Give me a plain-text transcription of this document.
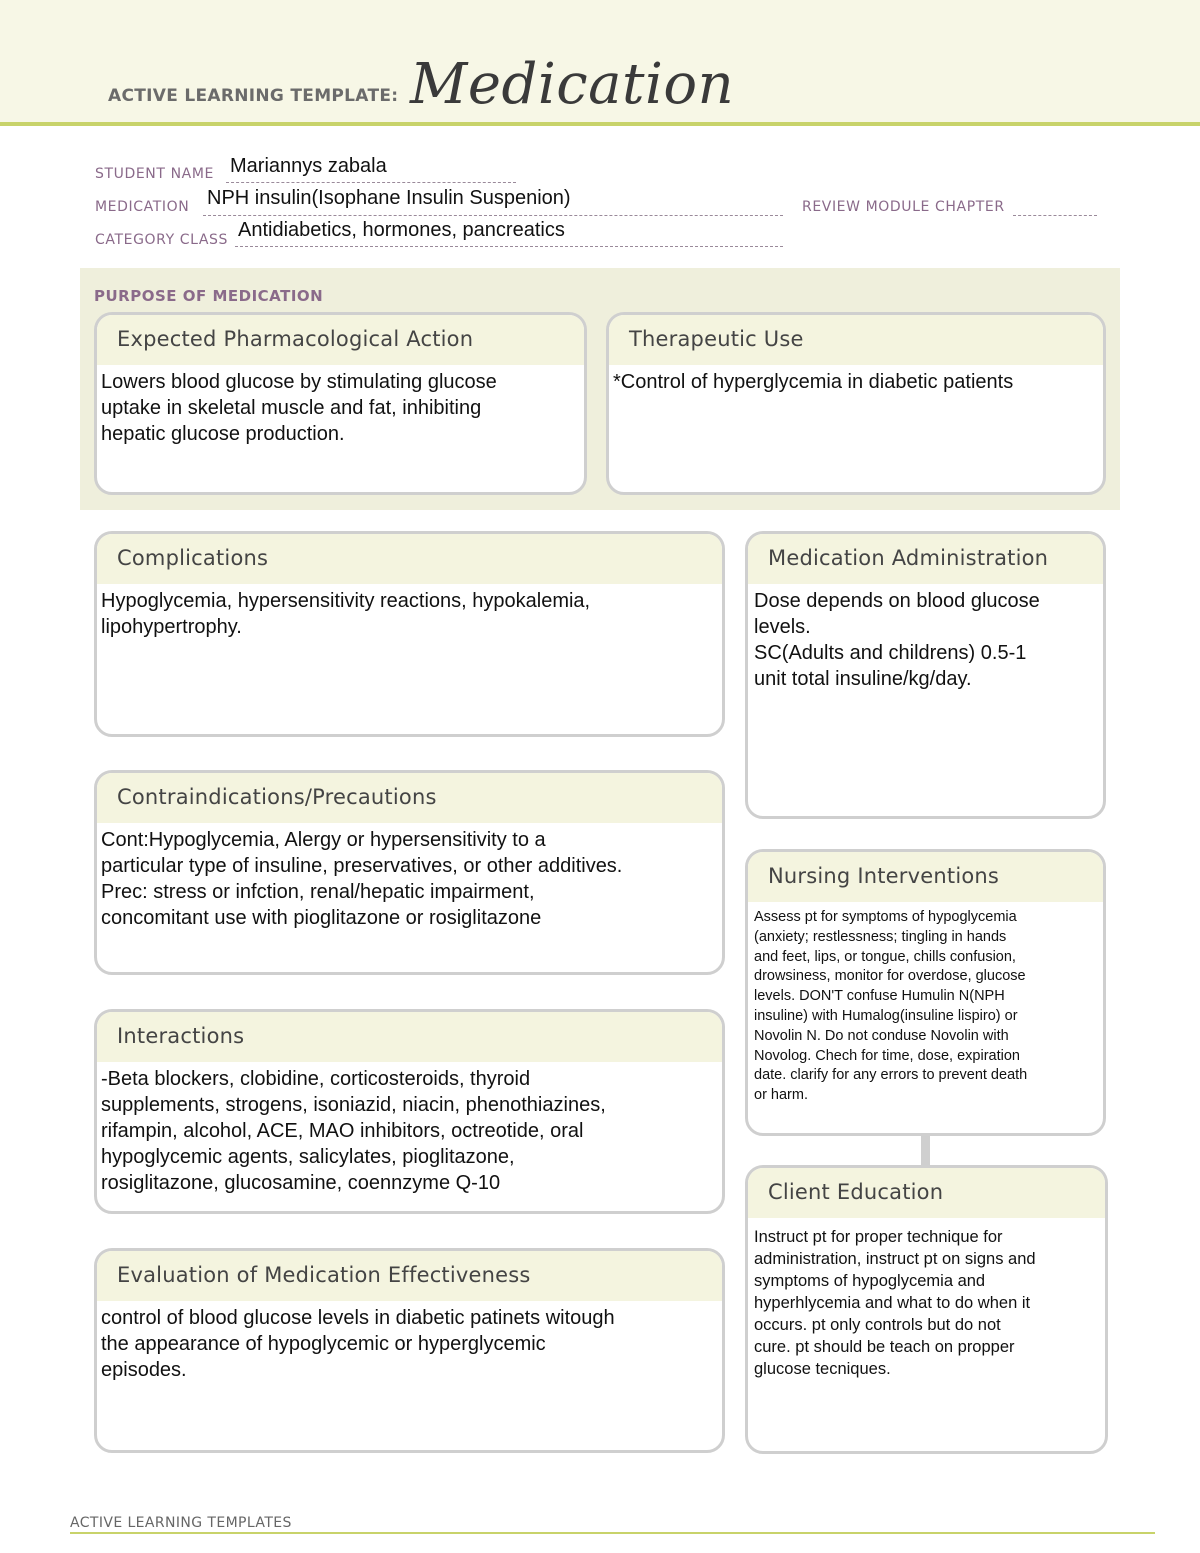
ACTIVE LEARNING TEMPLATE: Medication
STUDENT NAME Mariannys zabala
MEDICATION NPH insulin(Isophane Insulin Suspenion)	REVIEW MODULE CHAPTER
CATEGORY CLASS Antidiabetics, hormones, pancreatics
PURPOSE OF MEDICATION
Expected Pharmacological Action
Lowers blood glucose by stimulating glucose
uptake in skeletal muscle and fat, inhibiting
hepatic glucose production.
Therapeutic Use
*Control of hyperglycemia in diabetic patients
Complications
Hypoglycemia, hypersensitivity reactions, hypokalemia,
lipohypertrophy.
Contraindications/Precautions
Cont:Hypoglycemia, Alergy or hypersensitivity to a
particular type of insuline, preservatives, or other additives.
Prec: stress or infction, renal/hepatic impairment,
concomitant use with pioglitazone or rosiglitazone
Interactions
-Beta blockers, clobidine, corticosteroids, thyroid
supplements, strogens, isoniazid, niacin, phenothiazines,
rifampin, alcohol, ACE, MAO inhibitors, octreotide, oral
hypoglycemic agents, salicylates, pioglitazone,
rosiglitazone, glucosamine, coennzyme Q-10
Evaluation of Medication Effectiveness
control of blood glucose levels in diabetic patinets witough
the appearance of hypoglycemic or hyperglycemic
episodes.
Medication Administration
Dose depends on blood glucose
levels.
SC(Adults and childrens) 0.5-1
unit total insuline/kg/day.
Nursing Interventions
Assess pt for symptoms of hypoglycemia
(anxiety; restlessness; tingling in hands
and feet, lips, or tongue, chills confusion,
drowsiness, monitor for overdose, glucose
levels. DON'T confuse Humulin N(NPH
insuline) with Humalog(insuline lispiro) or
Novolin N. Do not conduse Novolin with
Novolog. Chech for time, dose, expiration
date. clarify for any errors to prevent death
or harm.
Client Education
Instruct pt for proper technique for
administration, instruct pt on signs and
symptoms of hypoglycemia and
hyperhlycemia and what to do when it
occurs. pt only controls but do not
cure. pt should be teach on propper
glucose tecniques.
ACTIVE LEARNING TEMPLATES
